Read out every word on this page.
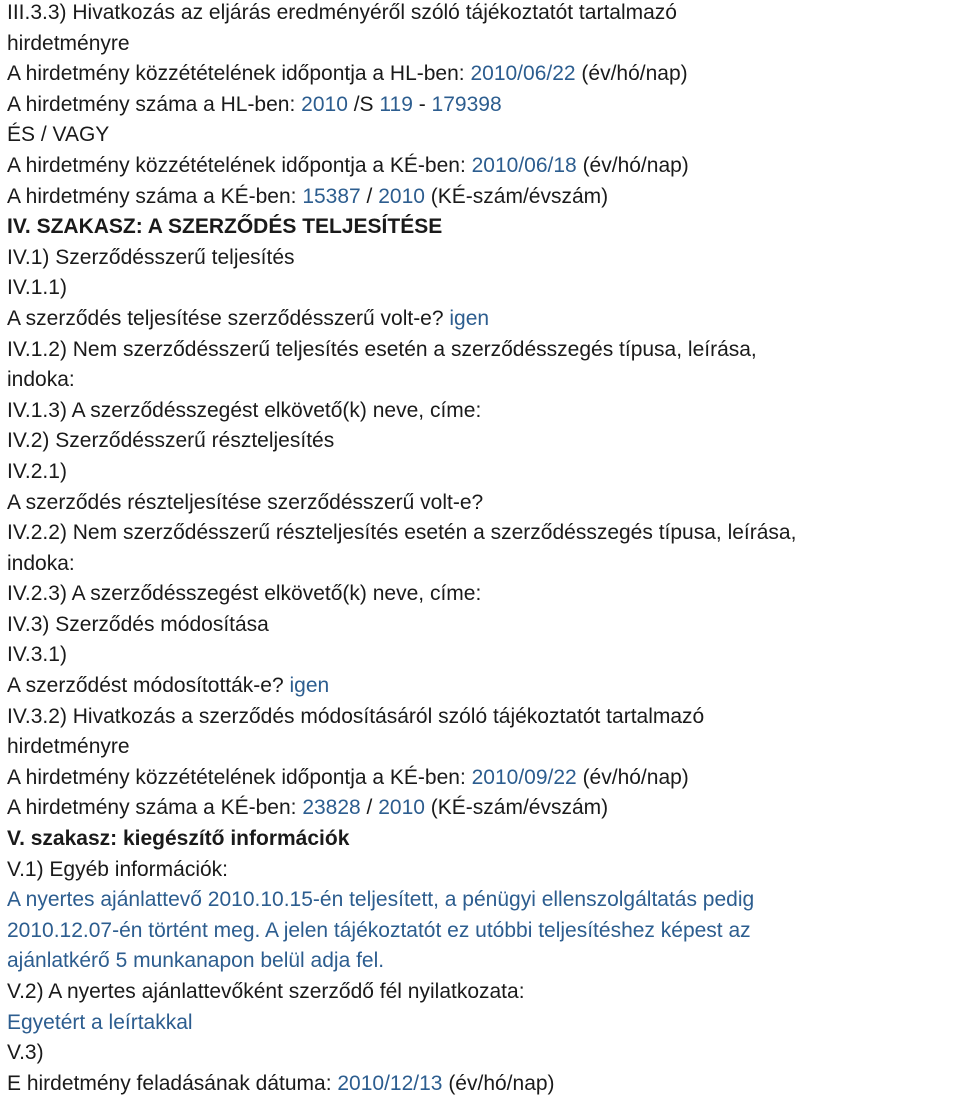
III.3.3) Hivatkozás az eljárás eredményéről szóló tájékoztatót tartalmazó
hirdetményre
A hirdetmény közzétételének időpontja a HL-ben: 2010/06/22 (év/hó/nap)
A hirdetmény száma a HL-ben: 2010 /S 119 - 179398
ÉS / VAGY
A hirdetmény közzétételének időpontja a KÉ-ben: 2010/06/18 (év/hó/nap)
A hirdetmény száma a KÉ-ben: 15387 / 2010 (KÉ-szám/évszám)
IV. SZAKASZ: A SZERZŐDÉS TELJESÍTÉSE
IV.1) Szerződésszerű teljesítés
IV.1.1)
A szerződés teljesítése szerződésszerű volt-e? igen
IV.1.2) Nem szerződésszerű teljesítés esetén a szerződésszegés típusa, leírása,
indoka:
IV.1.3) A szerződésszegést elkövető(k) neve, címe:
IV.2) Szerződésszerű részteljesítés
IV.2.1)
A szerződés részteljesítése szerződésszerű volt-e?
IV.2.2) Nem szerződésszerű részteljesítés esetén a szerződésszegés típusa, leírása,
indoka:
IV.2.3) A szerződésszegést elkövető(k) neve, címe:
IV.3) Szerződés módosítása
IV.3.1)
A szerződést módosították-e? igen
IV.3.2) Hivatkozás a szerződés módosításáról szóló tájékoztatót tartalmazó
hirdetményre
A hirdetmény közzétételének időpontja a KÉ-ben: 2010/09/22 (év/hó/nap)
A hirdetmény száma a KÉ-ben: 23828 / 2010 (KÉ-szám/évszám)
V. szakasz: kiegészítő információk
V.1) Egyéb információk:
A nyertes ajánlattevő 2010.10.15-én teljesített, a pénügyi ellenszolgáltatás pedig
2010.12.07-én történt meg. A jelen tájékoztatót ez utóbbi teljesítéshez képest az
ajánlatkérő 5 munkanapon belül adja fel.
V.2) A nyertes ajánlattevőként szerződő fél nyilatkozata:
Egyetért a leírtakkal
V.3)
E hirdetmény feladásának dátuma: 2010/12/13 (év/hó/nap)
